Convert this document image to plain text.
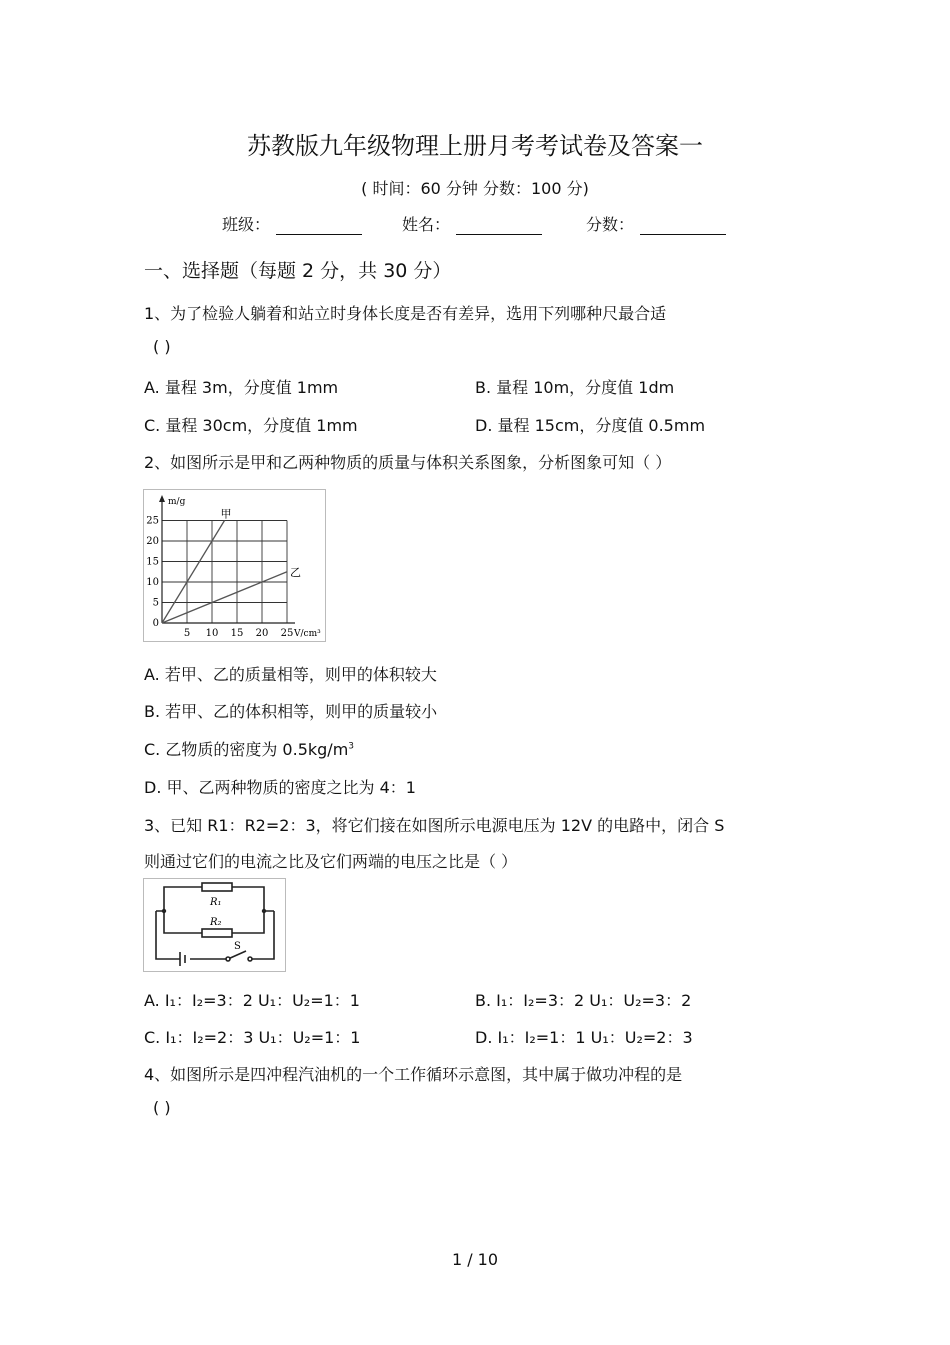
苏教版九年级物理上册月考考试卷及答案一
( 时间：60 分钟 分数：100 分)
班级：	姓名：	分数：
一、选择题（每题 2 分，共 30 分）
1、为了检验人躺着和站立时身体长度是否有差异，选用下列哪种尺最合适
( )
A. 量程 3m，分度值 1mm	B. 量程 10m，分度值 1dm
C. 量程 30cm，分度值 1mm	D. 量程 15cm，分度值 0.5mm
2、如图所示是甲和乙两种物质的质量与体积关系图象，分析图象可知（ ）
甲
乙
5 10 15 20 25
0
5
10
15
20
25
V/cm³
m/g
A. 若甲、乙的质量相等，则甲的体积较大
B. 若甲、乙的体积相等，则甲的质量较小
C. 乙物质的密度为 $0.5kg/m^3$
D. 甲、乙两种物质的密度之比为 4：1
3、已知 R1：R2=2：3，将它们接在如图所示电源电压为 12V 的电路中，闭合 S
则通过它们的电流之比及它们两端的电压之比是（ ）
R₁
R₂
S
A. I₁：I₂=3：2 U₁：U₂=1：1	B. I₁：I₂=3：2 U₁：U₂=3：2
C. I₁：I₂=2：3 U₁：U₂=1：1	D. I₁：I₂=1：1 U₁：U₂=2：3
4、如图所示是四冲程汽油机的一个工作循环示意图，其中属于做功冲程的是
( )
1 / 10
